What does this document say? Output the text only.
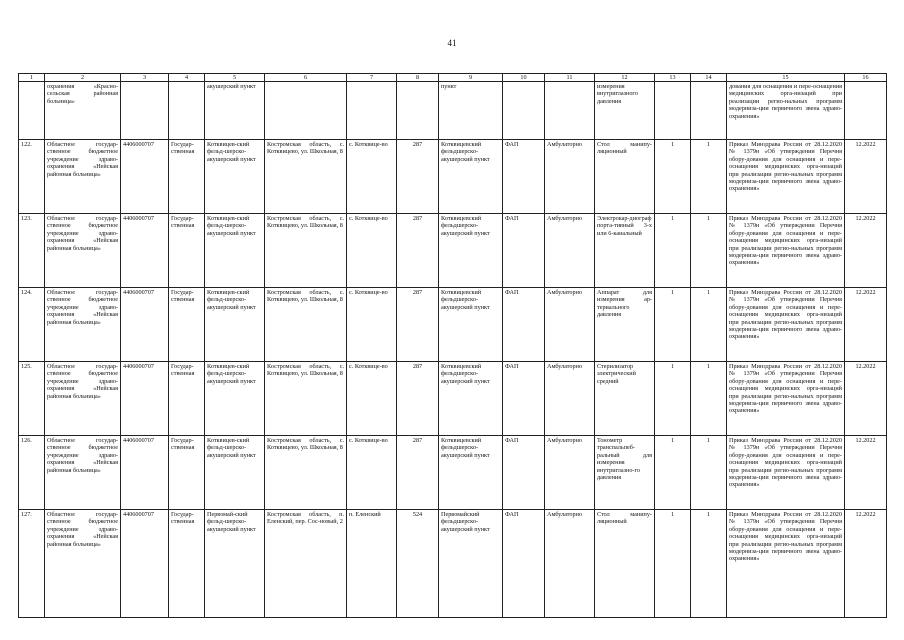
41
1	2	3	4	5	6	7	8	9	10	11	12	13	14	15	16
	охранения «Красно-сельская районная больница»			акушерский пункт				пункт			измерения внутриглазного давления			дования для оснащения и пере-оснащения медицинских орга-низаций при реализации регио-нальных программ модерниза-ции первичного звена здраво-охранения»	
122.	Областное государ-ственное бюджетное учреждение здраво-охранения «Нейская районная больница»	4406000707	Государ-ственная	Котквицев-ский фельд-шерско-акушерский пункт	Костромская область, с. Котквицево, ул. Школьная, 8	с. Котквице-во	287	Котквицевский фельдшерско-акушерский пункт	ФАП	Амбулаторно	Стол манипу-ляционный	1	1	Приказ Минздрава России от 28.12.2020 № 1379н «Об утверждении Перечня обору-дования для оснащения и пере-оснащения медицинских орга-низаций при реализации регио-нальных программ модерниза-ции первичного звена здраво-охранения»	12.2022
123.	Областное государ-ственное бюджетное учреждение здраво-охранения «Нейская районная больница»	4406000707	Государ-ственная	Котквицев-ский фельд-шерско-акушерский пункт	Костромская область, с. Котквицево, ул. Школьная, 8	с. Котквице-во	287	Котквицевский фельдшерско-акушерский пункт	ФАП	Амбулаторно	Электрокар-диограф порта-тивный 3-х или 6-канальный	1	1	Приказ Минздрава России от 28.12.2020 № 1379н «Об утверждении Перечня обору-дования для оснащения и пере-оснащения медицинских орга-низаций при реализации регио-нальных программ модерниза-ции первичного звена здраво-охранения»	12.2022
124.	Областное государ-ственное бюджетное учреждение здраво-охранения «Нейская районная больница»	4406000707	Государ-ственная	Котквицев-ский фельд-шерско-акушерский пункт	Костромская область, с. Котквицево, ул. Школьная, 8	с. Котквице-во	287	Котквицевский фельдшерско-акушерский пункт	ФАП	Амбулаторно	Аппарат для измерения ар-териального давления	1	1	Приказ Минздрава России от 28.12.2020 № 1379н «Об утверждении Перечня обору-дования для оснащения и пере-оснащения медицинских орга-низаций при реализации регио-нальных программ модерниза-ции первичного звена здраво-охранения»	12.2022
125.	Областное государ-ственное бюджетное учреждение здраво-охранения «Нейская районная больница»	4406000707	Государ-ственная	Котквицев-ский фельд-шерско-акушерский пункт	Костромская область, с. Котквицево, ул. Школьная, 8	с. Котквице-во	287	Котквицевский фельдшерско-акушерский пункт	ФАП	Амбулаторно	Стерилизатор электрический средний	1	1	Приказ Минздрава России от 28.12.2020 № 1379н «Об утверждении Перечня обору-дования для оснащения и пере-оснащения медицинских орга-низаций при реализации регио-нальных программ модерниза-ции первичного звена здраво-охранения»	12.2022
126.	Областное государ-ственное бюджетное учреждение здраво-охранения «Нейская районная больница»	4406000707	Государ-ственная	Котквицев-ский фельд-шерско-акушерский пункт	Костромская область, с. Котквицево, ул. Школьная, 8	с. Котквице-во	287	Котквицевский фельдшерско-акушерский пункт	ФАП	Амбулаторно	Тонометр транспальпеб-ральный для измерения внутриглазно-го давления	1	1	Приказ Минздрава России от 28.12.2020 № 1379н «Об утверждении Перечня обору-дования для оснащения и пере-оснащения медицинских орга-низаций при реализации регио-нальных программ модерниза-ции первичного звена здраво-охранения»	12.2022
127.	Областное государ-ственное бюджетное учреждение здраво-охранения «Нейская районная больница»	4406000707	Государ-ственная	Первомай-ский фельд-шерско-акушерский пункт	Костромская область, п. Еленский, пер. Сос-новый, 2	п. Еленский	524	Первомайский фельдшерско-акушерский пункт	ФАП	Амбулаторно	Стол манипу-ляционный	1	1	Приказ Минздрава России от 28.12.2020 № 1379н «Об утверждении Перечня обору-дования для оснащения и пере-оснащения медицинских орга-низаций при реализации регио-нальных программ модерниза-ции первичного звена здраво-охранения»	12.2022
